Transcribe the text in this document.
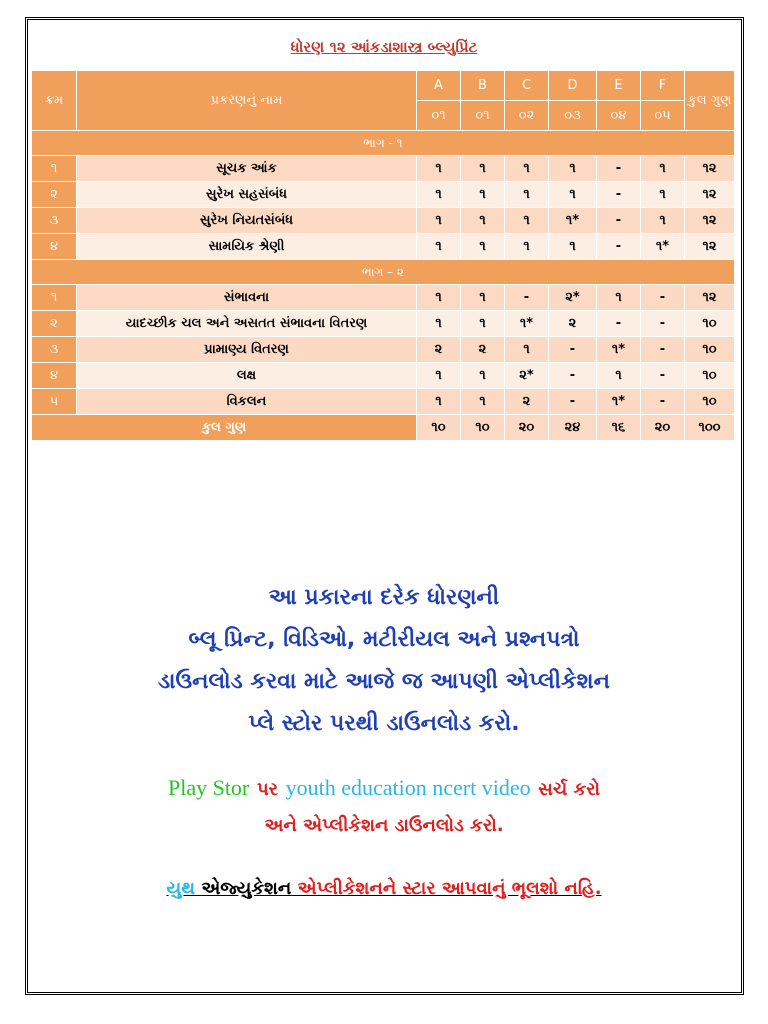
ધોરણ ૧૨ આંકડાશાસ્ત્ર બ્લ્યુપ્રિંટ
ક્રમ	પ્રકરણનું નામ	A	B	C	D	E	F	કુલ ગુણ
		૦૧	૦૧	૦૨	૦૩	૦૪	૦૫	
ભાગ - ૧								
૧	સૂચક આંક	૧	૧	૧	૧	-	૧	૧૨
૨	સુરેખ સહસંબંધ	૧	૧	૧	૧	-	૧	૧૨
૩	સુરેખ નિયતસંબંધ	૧	૧	૧	૧*	-	૧	૧૨
૪	સામયિક શ્રેણી	૧	૧	૧	૧	-	૧*	૧૨
ભાગ – ૨								
૧	સંભાવના	૧	૧	-	૨*	૧	-	૧૨
૨	યાદચ્છીક ચલ અને અસતત સંભાવના વિતરણ	૧	૧	૧*	૨	-	-	૧૦
૩	પ્રામાણ્ય વિતરણ	૨	૨	૧	-	૧*	-	૧૦
૪	લક્ષ	૧	૧	૨*	-	૧	-	૧૦
૫	વિકલન	૧	૧	૨	-	૧*	-	૧૦
કુલ ગુણ		૧૦	૧૦	૨૦	૨૪	૧૬	૨૦	૧૦૦
આ પ્રકારના દરેક ધોરણની
બ્લૂ પ્રિન્ટ, વિડિઓ, મટીરીયલ અને પ્રશ્નપત્રો
ડાઉનલોડ કરવા માટે આજે જ આપણી એપ્લીકેશન
પ્લે સ્ટોર પરથી ડાઉનલોડ કરો.
Play Stor પર youth education ncert video સર્ચ કરો
અને એપ્લીકેશન ડાઉનલોડ કરો.
યુથ એજ્યુકેશન એપ્લીકેશનને સ્ટાર આપવાનું ભૂલશો નહિ.
